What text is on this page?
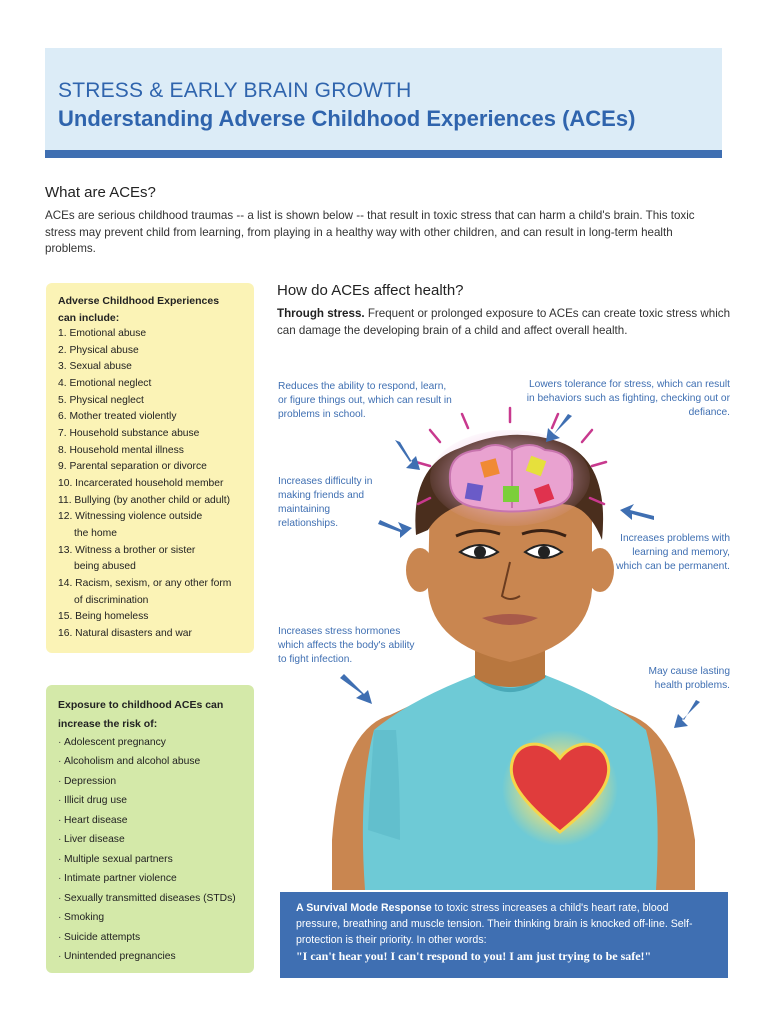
STRESS & EARLY BRAIN GROWTH
Understanding Adverse Childhood Experiences (ACEs)
What are ACEs?
ACEs are serious childhood traumas -- a list is shown below -- that result in toxic stress that can harm a child's brain. This toxic stress may prevent child from learning, from playing in a healthy way with other children, and can result in long-term health problems.
Adverse Childhood Experiences can include:
1. Emotional abuse
2. Physical abuse
3. Sexual abuse
4. Emotional neglect
5. Physical neglect
6. Mother treated violently
7. Household substance abuse
8. Household mental illness
9. Parental separation or divorce
10. Incarcerated household member
11. Bullying (by another child or adult)
12. Witnessing violence outside
the home
13. Witness a brother or sister
being abused
14. Racism, sexism, or any other form
of discrimination
15. Being homeless
16. Natural disasters and war
Exposure to childhood ACEs can increase the risk of:
· Adolescent pregnancy
· Alcoholism and alcohol abuse
· Depression
· Illicit drug use
· Heart disease
· Liver disease
· Multiple sexual partners
· Intimate partner violence
· Sexually transmitted diseases (STDs)
· Smoking
· Suicide attempts
· Unintended pregnancies
How do ACEs affect health?
Through stress. Frequent or prolonged exposure to ACEs can create toxic stress which can damage the developing brain of a child and affect overall health.
Reduces the ability to respond, learn, or figure things out, which can result in problems in school.
Lowers tolerance for stress, which can result in behaviors such as fighting, checking out or defiance.
Increases difficulty in making friends and maintaining relationships.
Increases problems with learning and memory, which can be permanent.
Increases stress hormones which affects the body's ability to fight infection.
May cause lasting health problems.
A Survival Mode Response to toxic stress increases a child's heart rate, blood pressure, breathing and muscle tension. Their thinking brain is knocked off-line. Self-protection is their priority. In other words:
"I can't hear you! I can't respond to you! I am just trying to be safe!"
